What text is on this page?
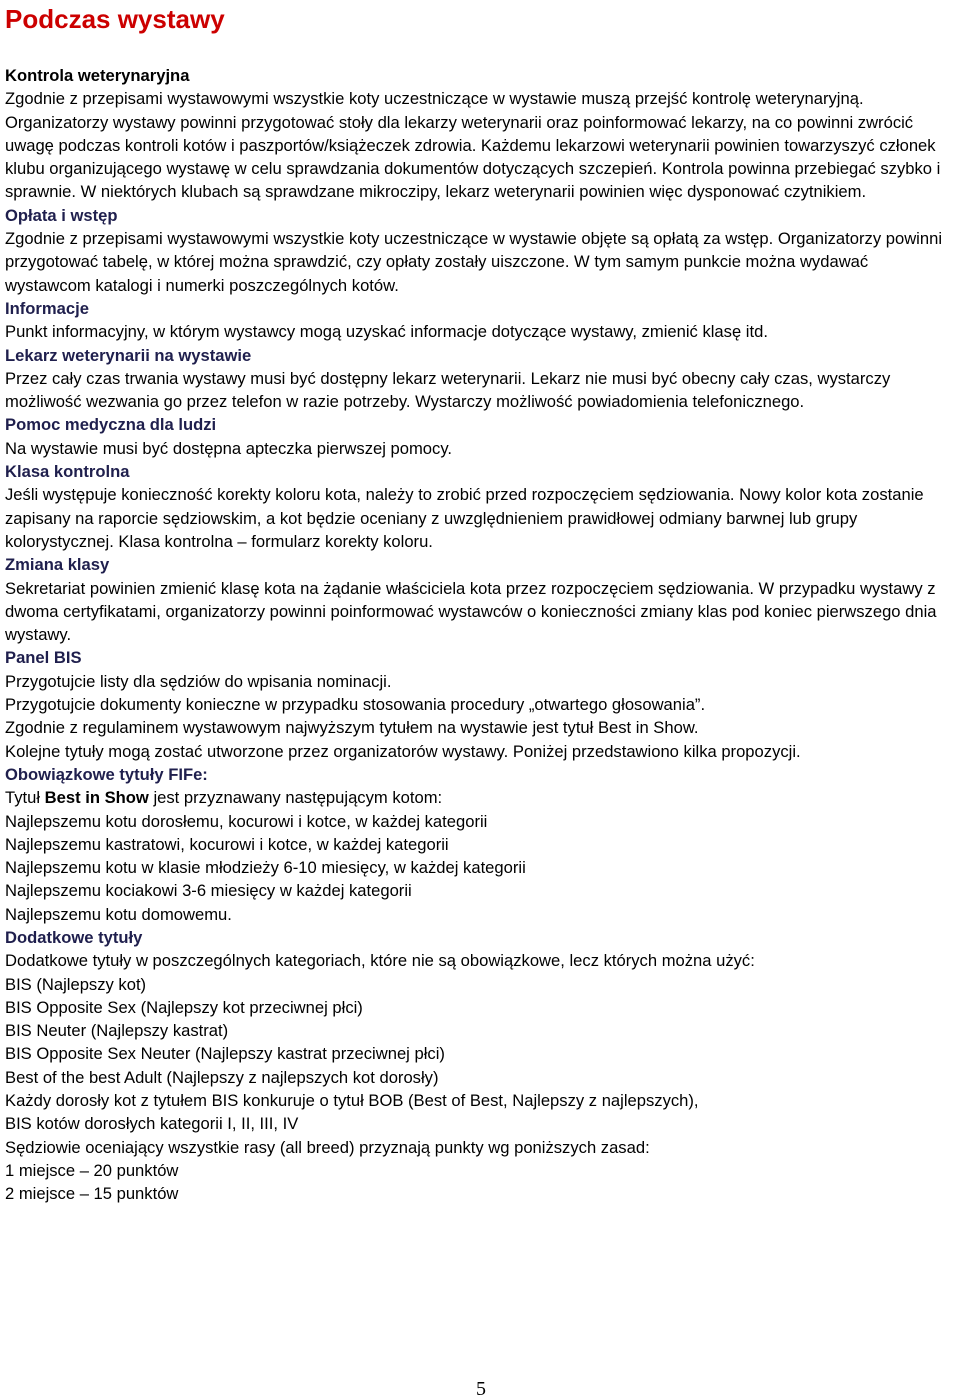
Podczas wystawy

Kontrola weterynaryjna

Zgodnie z przepisami wystawowymi wszystkie koty uczestniczące w wystawie muszą przejść kontrolę weterynaryjną. Organizatorzy wystawy powinni przygotować stoły dla lekarzy weterynarii oraz poinformować lekarzy, na co powinni zwrócić uwagę podczas kontroli kotów i paszportów/książeczek zdrowia. Każdemu lekarzowi weterynarii powinien towarzyszyć członek klubu organizującego wystawę w celu sprawdzania dokumentów dotyczących szczepień. Kontrola powinna przebiegać szybko i sprawnie. W niektórych klubach są sprawdzane mikroczipy, lekarz weterynarii powinien więc dysponować czytnikiem.

Opłata i wstęp

Zgodnie z przepisami wystawowymi wszystkie koty uczestniczące w wystawie objęte są opłatą za wstęp. Organizatorzy powinni przygotować tabelę, w której można sprawdzić, czy opłaty zostały uiszczone. W tym samym punkcie można wydawać wystawcom katalogi i numerki poszczególnych kotów.

Informacje

Punkt informacyjny, w którym wystawcy mogą uzyskać informacje dotyczące wystawy, zmienić klasę itd.

Lekarz weterynarii na wystawie

Przez cały czas trwania wystawy musi być dostępny lekarz weterynarii. Lekarz nie musi być obecny cały czas, wystarczy możliwość wezwania go przez telefon w razie potrzeby. Wystarczy możliwość powiadomienia telefonicznego.

Pomoc medyczna dla ludzi

Na wystawie musi być dostępna apteczka pierwszej pomocy.

Klasa kontrolna

Jeśli występuje konieczność korekty koloru kota, należy to zrobić przed rozpoczęciem sędziowania. Nowy kolor kota zostanie zapisany na raporcie sędziowskim, a kot będzie oceniany z uwzględnieniem prawidłowej odmiany barwnej lub grupy kolorystycznej. Klasa kontrolna – formularz korekty koloru.

Zmiana klasy

Sekretariat powinien zmienić klasę kota na żądanie właściciela kota przez rozpoczęciem sędziowania. W przypadku wystawy z dwoma certyfikatami, organizatorzy powinni poinformować wystawców o konieczności zmiany klas pod koniec pierwszego dnia wystawy.

Panel BIS

Przygotujcie listy dla sędziów do wpisania nominacji.

Przygotujcie dokumenty konieczne w przypadku stosowania procedury „otwartego głosowania”.

Zgodnie z regulaminem wystawowym najwyższym tytułem na wystawie jest tytuł Best in Show.

Kolejne tytuły mogą zostać utworzone przez organizatorów wystawy. Poniżej przedstawiono kilka propozycji.

Obowiązkowe tytuły FIFe:

Tytuł Best in Show jest przyznawany następującym kotom:

Najlepszemu kotu dorosłemu, kocurowi i kotce, w każdej kategorii

Najlepszemu kastratowi, kocurowi i kotce, w każdej kategorii

Najlepszemu kotu w klasie młodzieży 6-10 miesięcy, w każdej kategorii

Najlepszemu kociakowi 3-6 miesięcy w każdej kategorii

Najlepszemu kotu domowemu.

Dodatkowe tytuły

Dodatkowe tytuły w poszczególnych kategoriach, które nie są obowiązkowe, lecz których można użyć:

BIS (Najlepszy kot)

BIS Opposite Sex (Najlepszy kot przeciwnej płci)

BIS Neuter (Najlepszy kastrat)

BIS Opposite Sex Neuter (Najlepszy kastrat przeciwnej płci)

Best of the best Adult (Najlepszy z najlepszych kot dorosły)

Każdy dorosły kot z tytułem BIS konkuruje o tytuł BOB (Best of Best, Najlepszy z najlepszych),

BIS kotów dorosłych kategorii I, II, III, IV

Sędziowie oceniający wszystkie rasy (all breed) przyznają punkty wg poniższych zasad:

1 miejsce – 20 punktów

2 miejsce – 15 punktów

5
